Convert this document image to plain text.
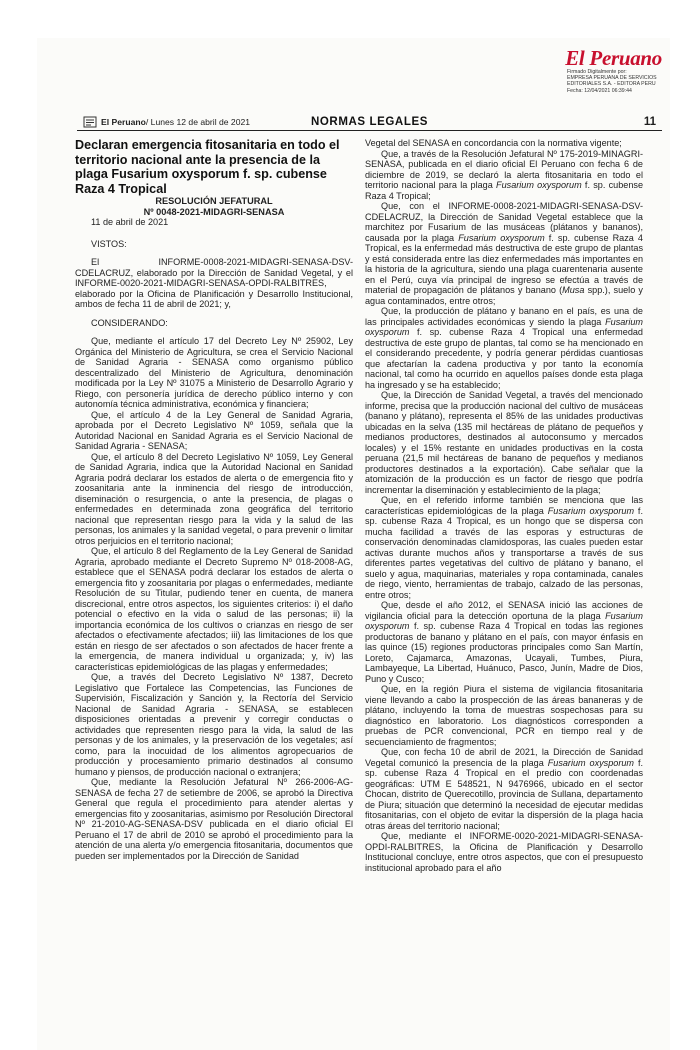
El Peruano
Firmado Digitalmente por:
EMPRESA PERUANA DE SERVICIOS
EDITORIALES S.A. - EDITORA PERU
Fecha: 12/04/2021 06:39:44
El Peruano / Lunes 12 de abril de 2021	NORMAS LEGALES	11

Declaran emergencia fitosanitaria en todo el territorio nacional ante la presencia de la plaga Fusarium oxysporum f. sp. cubense Raza 4 Tropical

RESOLUCIÓN JEFATURAL
Nº 0048-2021-MIDAGRI-SENASA

11 de abril de 2021

VISTOS:

El INFORME-0008-2021-MIDAGRI-SENASA-DSV-CDELACRUZ, elaborado por la Dirección de Sanidad Vegetal, y el INFORME-0020-2021-MIDAGRI-SENASA-OPDI-RALBITRES, elaborado por la Oficina de Planificación y Desarrollo Institucional, ambos de fecha 11 de abril de 2021; y,

CONSIDERANDO:

Que, mediante el artículo 17 del Decreto Ley Nº 25902, Ley Orgánica del Ministerio de Agricultura, se crea el Servicio Nacional de Sanidad Agraria - SENASA como organismo público descentralizado del Ministerio de Agricultura, denominación modificada por la Ley Nº 31075 a Ministerio de Desarrollo Agrario y Riego, con personería jurídica de derecho público interno y con autonomía técnica administrativa, económica y financiera;

Que, el artículo 4 de la Ley General de Sanidad Agraria, aprobada por el Decreto Legislativo Nº 1059, señala que la Autoridad Nacional en Sanidad Agraria es el Servicio Nacional de Sanidad Agraria - SENASA;

Que, el artículo 8 del Decreto Legislativo Nº 1059, Ley General de Sanidad Agraria, indica que la Autoridad Nacional en Sanidad Agraria podrá declarar los estados de alerta o de emergencia fito y zoosanitaria ante la inminencia del riesgo de introducción, diseminación o resurgencia, o ante la presencia, de plagas o enfermedades en determinada zona geográfica del territorio nacional que representan riesgo para la vida y la salud de las personas, los animales y la sanidad vegetal, o para prevenir o limitar otros perjuicios en el territorio nacional;

Que, el artículo 8 del Reglamento de la Ley General de Sanidad Agraria, aprobado mediante el Decreto Supremo Nº 018-2008-AG, establece que el SENASA podrá declarar los estados de alerta o emergencia fito y zoosanitaria por plagas o enfermedades, mediante Resolución de su Titular, pudiendo tener en cuenta, de manera discrecional, entre otros aspectos, los siguientes criterios: i) el daño potencial o efectivo en la vida o salud de las personas; ii) la importancia económica de los cultivos o crianzas en riesgo de ser afectados o efectivamente afectados; iii) las limitaciones de los que están en riesgo de ser afectados o son afectados de hacer frente a la emergencia, de manera individual u organizada; y, iv) las características epidemiológicas de las plagas y enfermedades;

Que, a través del Decreto Legislativo Nº 1387, Decreto Legislativo que Fortalece las Competencias, las Funciones de Supervisión, Fiscalización y Sanción y, la Rectoría del Servicio Nacional de Sanidad Agraria - SENASA, se establecen disposiciones orientadas a prevenir y corregir conductas o actividades que representen riesgo para la vida, la salud de las personas y de los animales, y la preservación de los vegetales; así como, para la inocuidad de los alimentos agropecuarios de producción y procesamiento primario destinados al consumo humano y piensos, de producción nacional o extranjera;

Que, mediante la Resolución Jefatural Nº 266-2006-AG-SENASA de fecha 27 de setiembre de 2006, se aprobó la Directiva General que regula el procedimiento para atender alertas y emergencias fito y zoosanitarias, asimismo por Resolución Directoral Nº 21-2010-AG-SENASA-DSV publicada en el diario oficial El Peruano el 17 de abril de 2010 se aprobó el procedimiento para la atención de una alerta y/o emergencia fitosanitaria, documentos que pueden ser implementados por la Dirección de Sanidad

Vegetal del SENASA en concordancia con la normativa vigente;

Que, a través de la Resolución Jefatural Nº 175-2019-MINAGRI-SENASA, publicada en el diario oficial El Peruano con fecha 6 de diciembre de 2019, se declaró la alerta fitosanitaria en todo el territorio nacional para la plaga Fusarium oxysporum f. sp. cubense Raza 4 Tropical;

Que, con el INFORME-0008-2021-MIDAGRI-SENASA-DSV-CDELACRUZ, la Dirección de Sanidad Vegetal establece que la marchitez por Fusarium de las musáceas (plátanos y bananos), causada por la plaga Fusarium oxysporum f. sp. cubense Raza 4 Tropical, es la enfermedad más destructiva de este grupo de plantas y está considerada entre las diez enfermedades más importantes en la historia de la agricultura, siendo una plaga cuarentenaria ausente en el Perú, cuya vía principal de ingreso se efectúa a través de material de propagación de plátanos y banano (Musa spp.), suelo y agua contaminados, entre otros;

Que, la producción de plátano y banano en el país, es una de las principales actividades económicas y siendo la plaga Fusarium oxysporum f. sp. cubense Raza 4 Tropical una enfermedad destructiva de este grupo de plantas, tal como se ha mencionado en el considerando precedente, y podría generar pérdidas cuantiosas que afectarían la cadena productiva y por tanto la economía nacional, tal como ha ocurrido en aquellos países donde esta plaga ha ingresado y se ha establecido;

Que, la Dirección de Sanidad Vegetal, a través del mencionado informe, precisa que la producción nacional del cultivo de musáceas (banano y plátano), representa el 85% de las unidades productivas ubicadas en la selva (135 mil hectáreas de plátano de pequeños y medianos productores, destinados al autoconsumo y mercados locales) y el 15% restante en unidades productivas en la costa peruana (21,5 mil hectáreas de banano de pequeños y medianos productores destinados a la exportación). Cabe señalar que la atomización de la producción es un factor de riesgo que podría incrementar la diseminación y establecimiento de la plaga;

Que, en el referido informe también se menciona que las características epidemiológicas de la plaga Fusarium oxysporum f. sp. cubense Raza 4 Tropical, es un hongo que se dispersa con mucha facilidad a través de las esporas y estructuras de conservación denominadas clamidosporas, las cuales pueden estar activas durante muchos años y transportarse a través de sus diferentes partes vegetativas del cultivo de plátano y banano, el suelo y agua, maquinarias, materiales y ropa contaminada, canales de riego, viento, herramientas de trabajo, calzado de las personas, entre otros;

Que, desde el año 2012, el SENASA inició las acciones de vigilancia oficial para la detección oportuna de la plaga Fusarium oxysporum f. sp. cubense Raza 4 Tropical en todas las regiones productoras de banano y plátano en el país, con mayor énfasis en las quince (15) regiones productoras principales como San Martín, Loreto, Cajamarca, Amazonas, Ucayali, Tumbes, Piura, Lambayeque, La Libertad, Huánuco, Pasco, Junín, Madre de Dios, Puno y Cusco;

Que, en la región Piura el sistema de vigilancia fitosanitaria viene llevando a cabo la prospección de las áreas bananeras y de plátano, incluyendo la toma de muestras sospechosas para su diagnóstico en laboratorio. Los diagnósticos corresponden a pruebas de PCR convencional, PCR en tiempo real y de secuenciamiento de fragmentos;

Que, con fecha 10 de abril de 2021, la Dirección de Sanidad Vegetal comunicó la presencia de la plaga Fusarium oxysporum f. sp. cubense Raza 4 Tropical en el predio con coordenadas geográficas: UTM E 548521, N 9476966, ubicado en el sector Chocan, distrito de Querecotillo, provincia de Sullana, departamento de Piura; situación que determinó la necesidad de ejecutar medidas fitosanitarias, con el objeto de evitar la dispersión de la plaga hacia otras áreas del territorio nacional;

Que, mediante el INFORME-0020-2021-MIDAGRI-SENASA-OPDI-RALBITRES, la Oficina de Planificación y Desarrollo Institucional concluye, entre otros aspectos, que con el presupuesto institucional aprobado para el año
